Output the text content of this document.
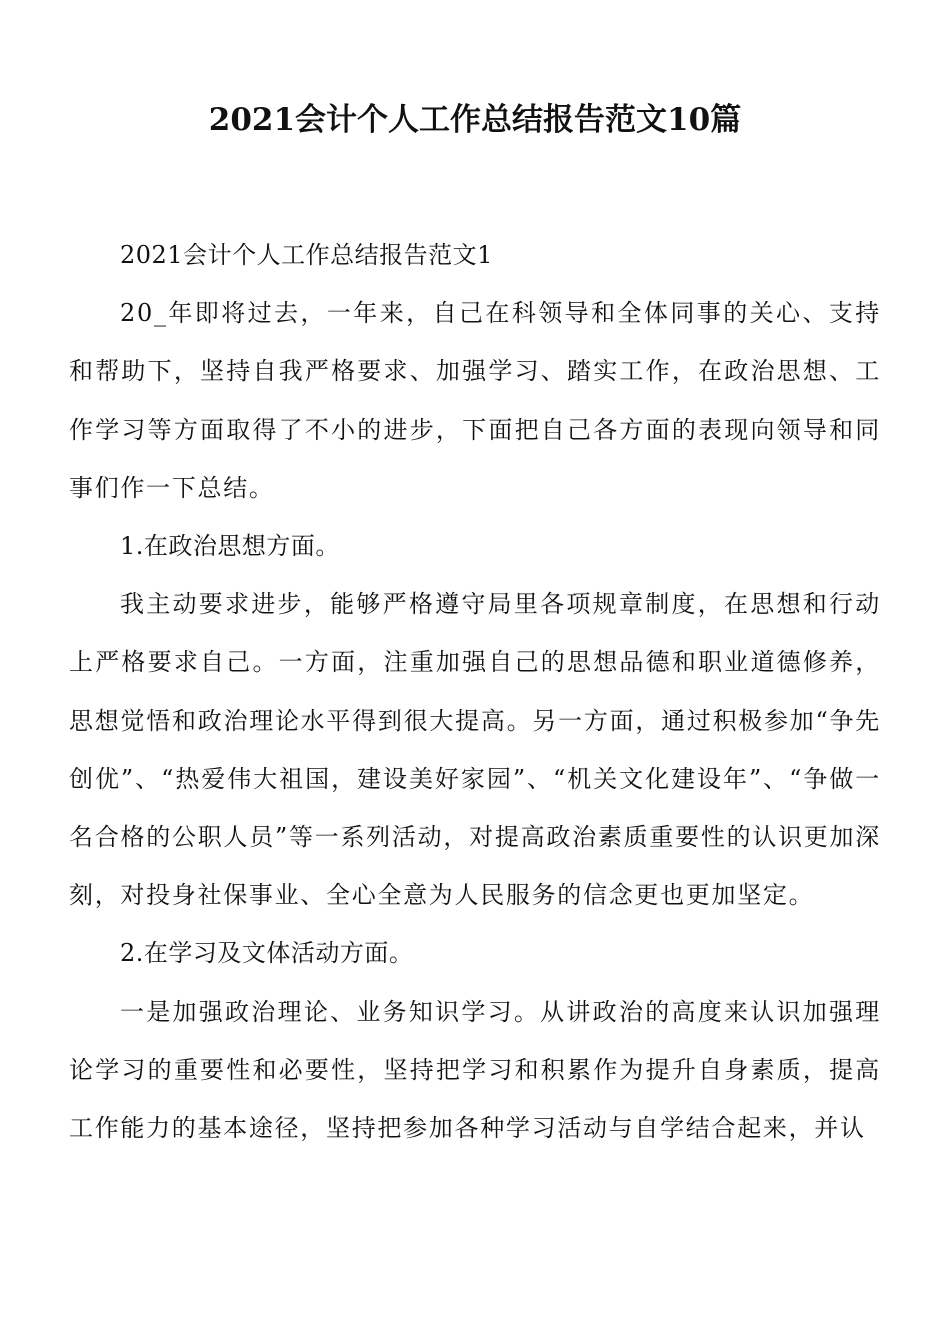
2021会计个人工作总结报告范文10篇

2021会计个人工作总结报告范文1

20_年即将过去，一年来，自己在科领导和全体同事的关心、支持和帮助下，坚持自我严格要求、加强学习、踏实工作，在政治思想、工作学习等方面取得了不小的进步，下面把自己各方面的表现向领导和同事们作一下总结。

1.在政治思想方面。

我主动要求进步，能够严格遵守局里各项规章制度，在思想和行动上严格要求自己。一方面，注重加强自己的思想品德和职业道德修养，思想觉悟和政治理论水平得到很大提高。另一方面，通过积极参加“争先创优”、“热爱伟大祖国，建设美好家园”、“机关文化建设年”、“争做一名合格的公职人员”等一系列活动，对提高政治素质重要性的认识更加深刻，对投身社保事业、全心全意为人民服务的信念更也更加坚定。

2.在学习及文体活动方面。

一是加强政治理论、业务知识学习。从讲政治的高度来认识加强理论学习的重要性和必要性，坚持把学习和积累作为提升自身素质，提高工作能力的基本途径，坚持把参加各种学习活动与自学结合起来，并认
